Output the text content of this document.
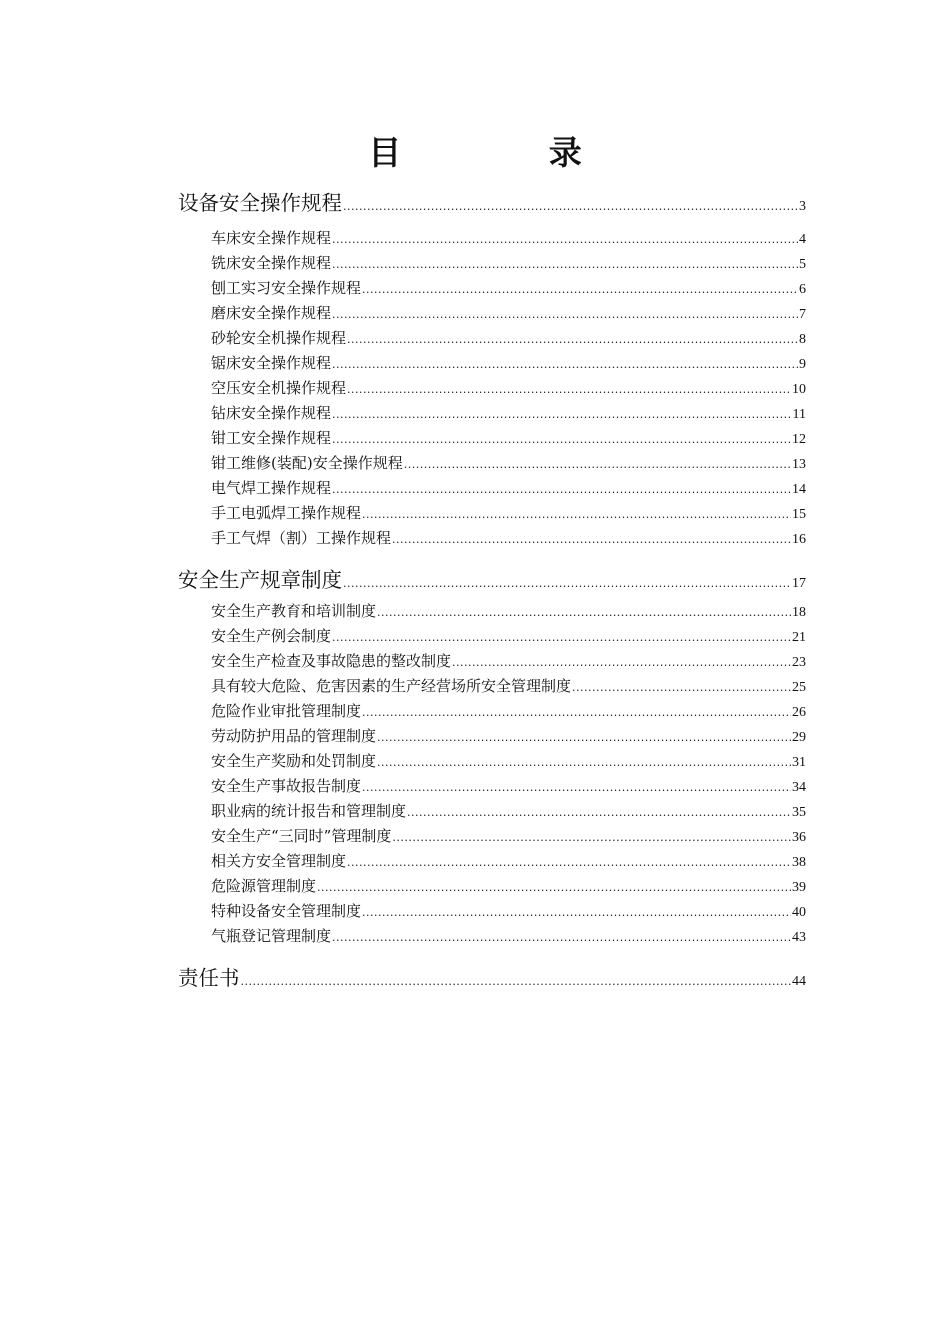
目 录
设备安全操作规程 .....	3
车床安全操作规程 .....	4
铣床安全操作规程 .....	5
刨工实习安全操作规程 .....	6
磨床安全操作规程 .....	7
砂轮安全机操作规程 .....	8
锯床安全操作规程 .....	9
空压安全机操作规程 .....	10
钻床安全操作规程 .....	11
钳工安全操作规程 .....	12
钳工维修(装配)安全操作规程 .....	13
电气焊工操作规程 .....	14
手工电弧焊工操作规程 .....	15
手工气焊（割）工操作规程 .....	16
安全生产规章制度 .....	17
安全生产教育和培训制度 .....	18
安全生产例会制度 .....	21
安全生产检查及事故隐患的整改制度 .....	23
具有较大危险、危害因素的生产经营场所安全管理制度 .....	25
危险作业审批管理制度 .....	26
劳动防护用品的管理制度 .....	29
安全生产奖励和处罚制度 .....	31
安全生产事故报告制度 .....	34
职业病的统计报告和管理制度 .....	35
安全生产“三同时”管理制度 .....	36
相关方安全管理制度 .....	38
危险源管理制度 .....	39
特种设备安全管理制度 .....	40
气瓶登记管理制度 .....	43
责任书 .....	44
